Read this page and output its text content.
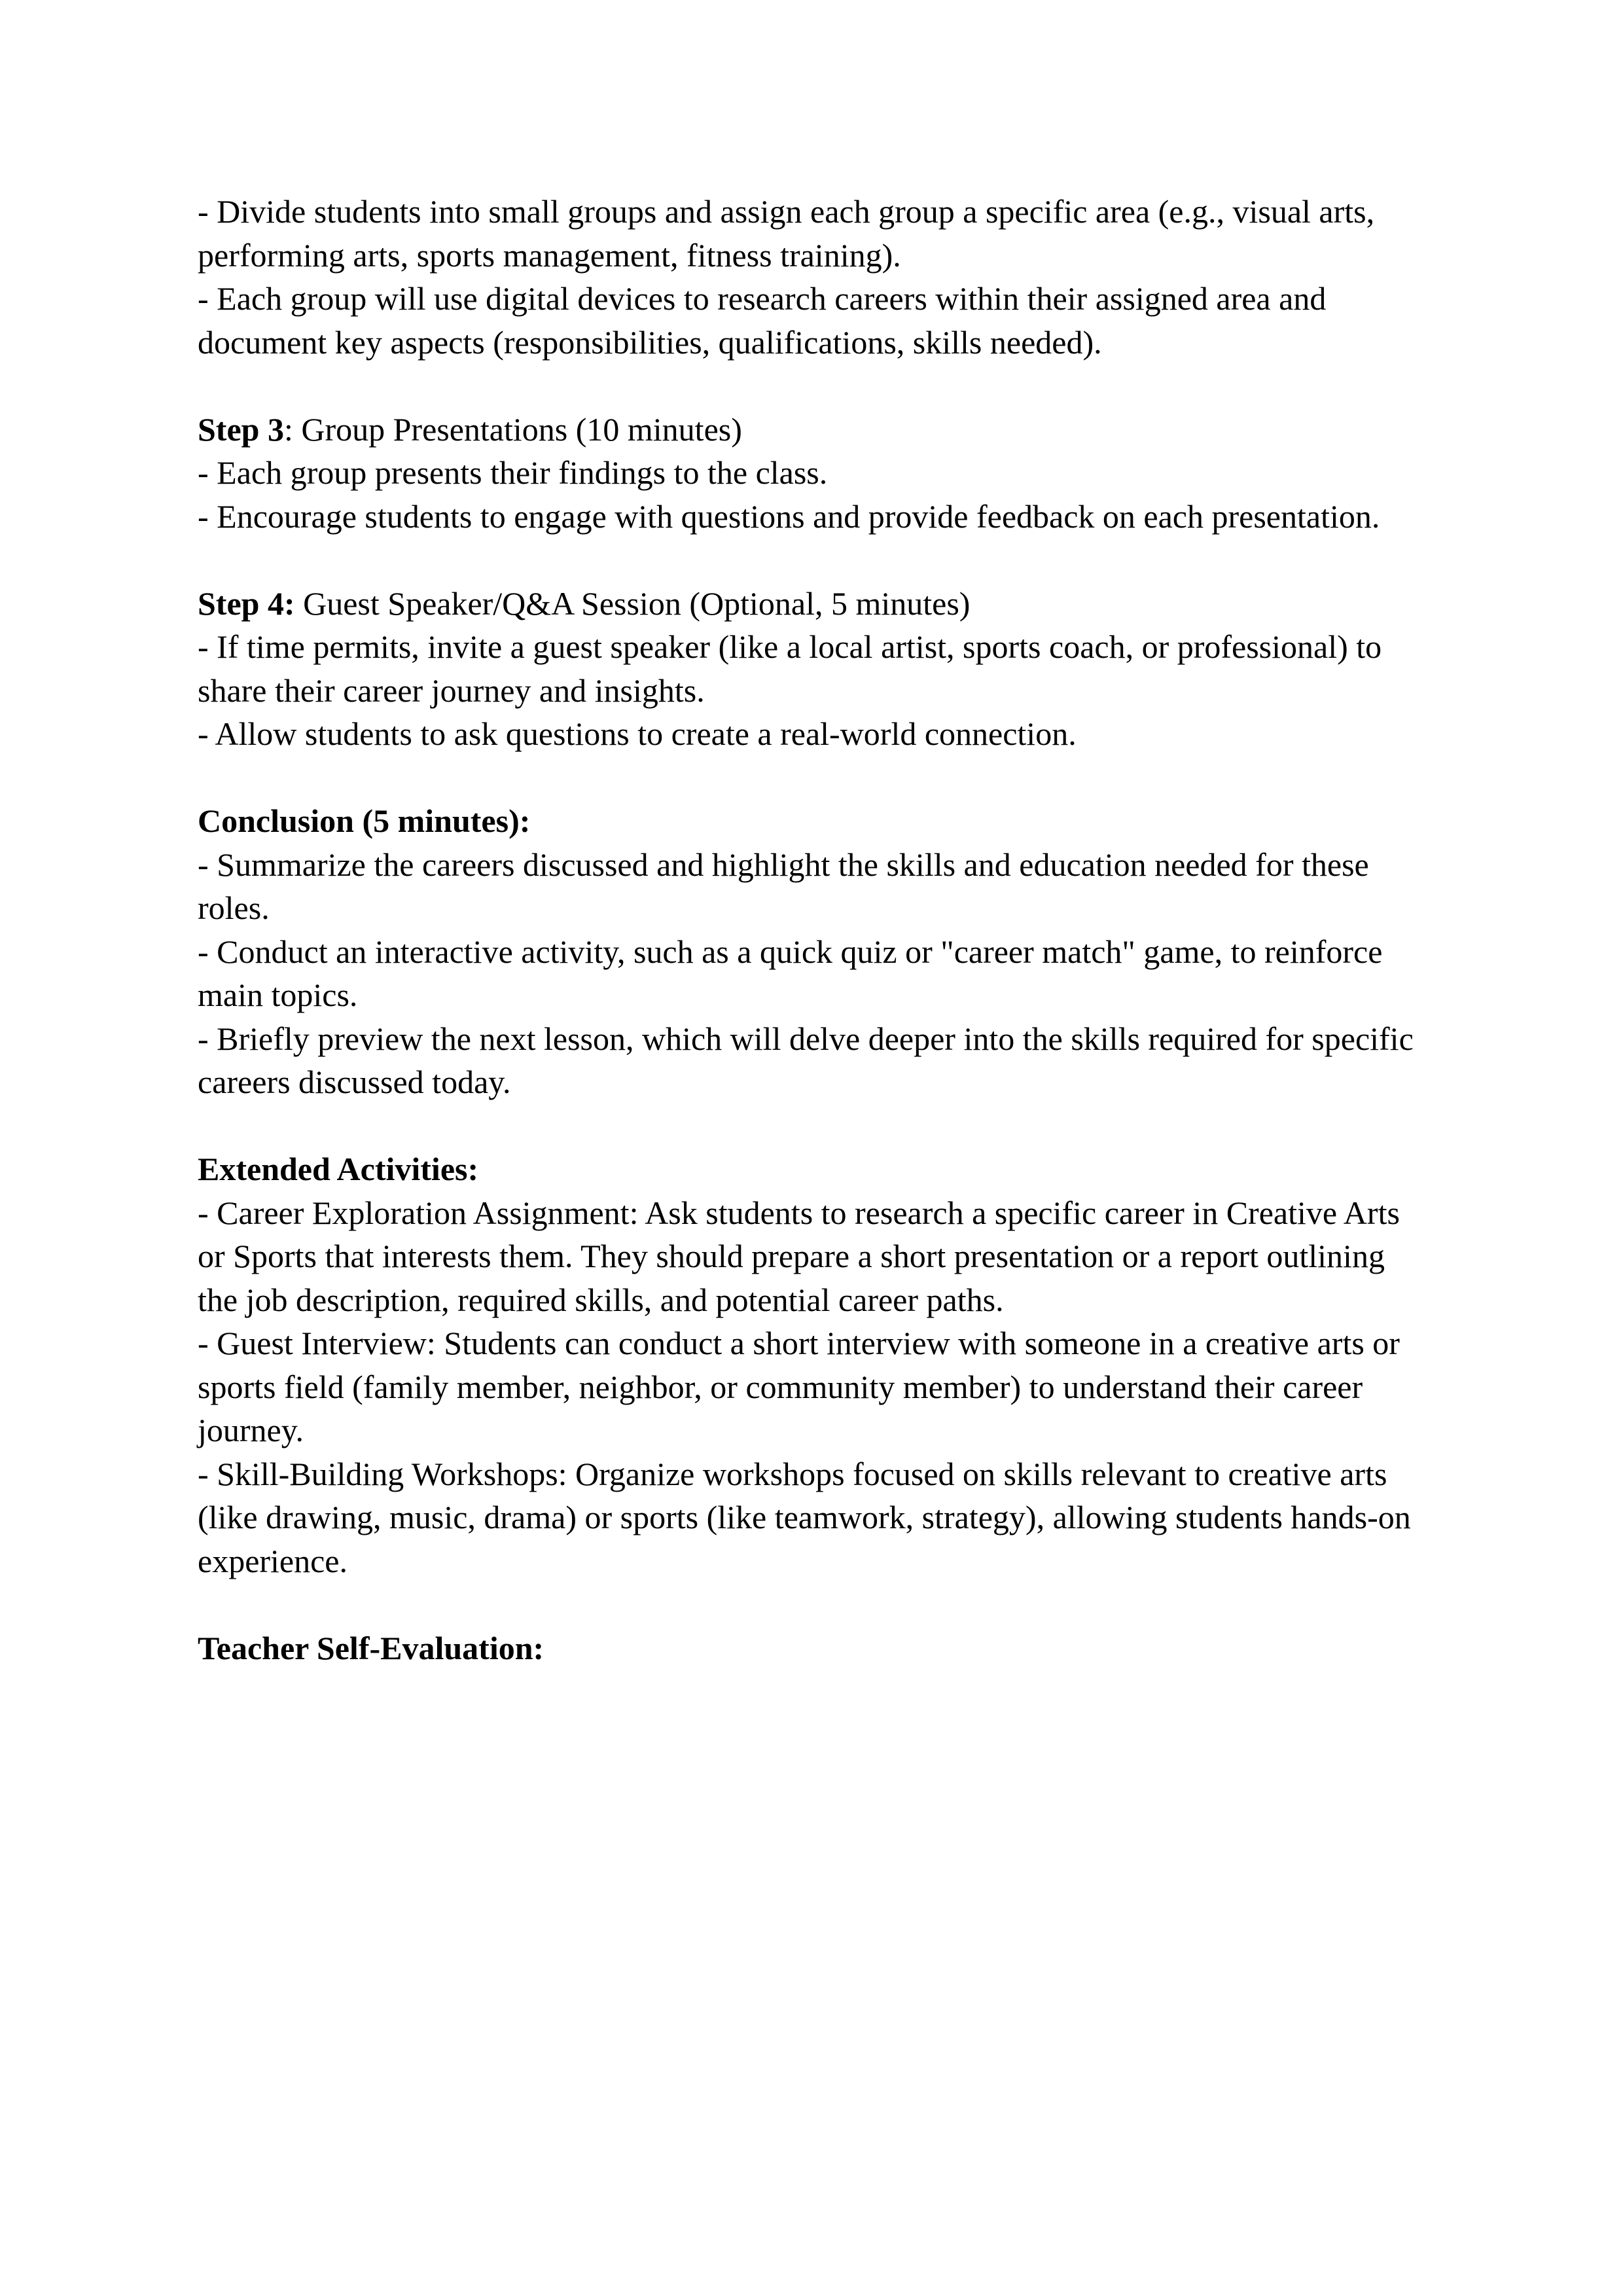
- Divide students into small groups and assign each group a specific area (e.g., visual arts,
performing arts, sports management, fitness training).
- Each group will use digital devices to research careers within their assigned area and
document key aspects (responsibilities, qualifications, skills needed).
Step 3: Group Presentations (10 minutes)
- Each group presents their findings to the class.
- Encourage students to engage with questions and provide feedback on each presentation.
Step 4: Guest Speaker/Q&A Session (Optional, 5 minutes)
- If time permits, invite a guest speaker (like a local artist, sports coach, or professional) to
share their career journey and insights.
- Allow students to ask questions to create a real-world connection.
Conclusion (5 minutes):
- Summarize the careers discussed and highlight the skills and education needed for these
roles.
- Conduct an interactive activity, such as a quick quiz or "career match" game, to reinforce
main topics.
- Briefly preview the next lesson, which will delve deeper into the skills required for specific
careers discussed today.
Extended Activities:
- Career Exploration Assignment: Ask students to research a specific career in Creative Arts
or Sports that interests them. They should prepare a short presentation or a report outlining
the job description, required skills, and potential career paths.
- Guest Interview: Students can conduct a short interview with someone in a creative arts or
sports field (family member, neighbor, or community member) to understand their career
journey.
- Skill-Building Workshops: Organize workshops focused on skills relevant to creative arts
(like drawing, music, drama) or sports (like teamwork, strategy), allowing students hands-on
experience.
Teacher Self-Evaluation:
